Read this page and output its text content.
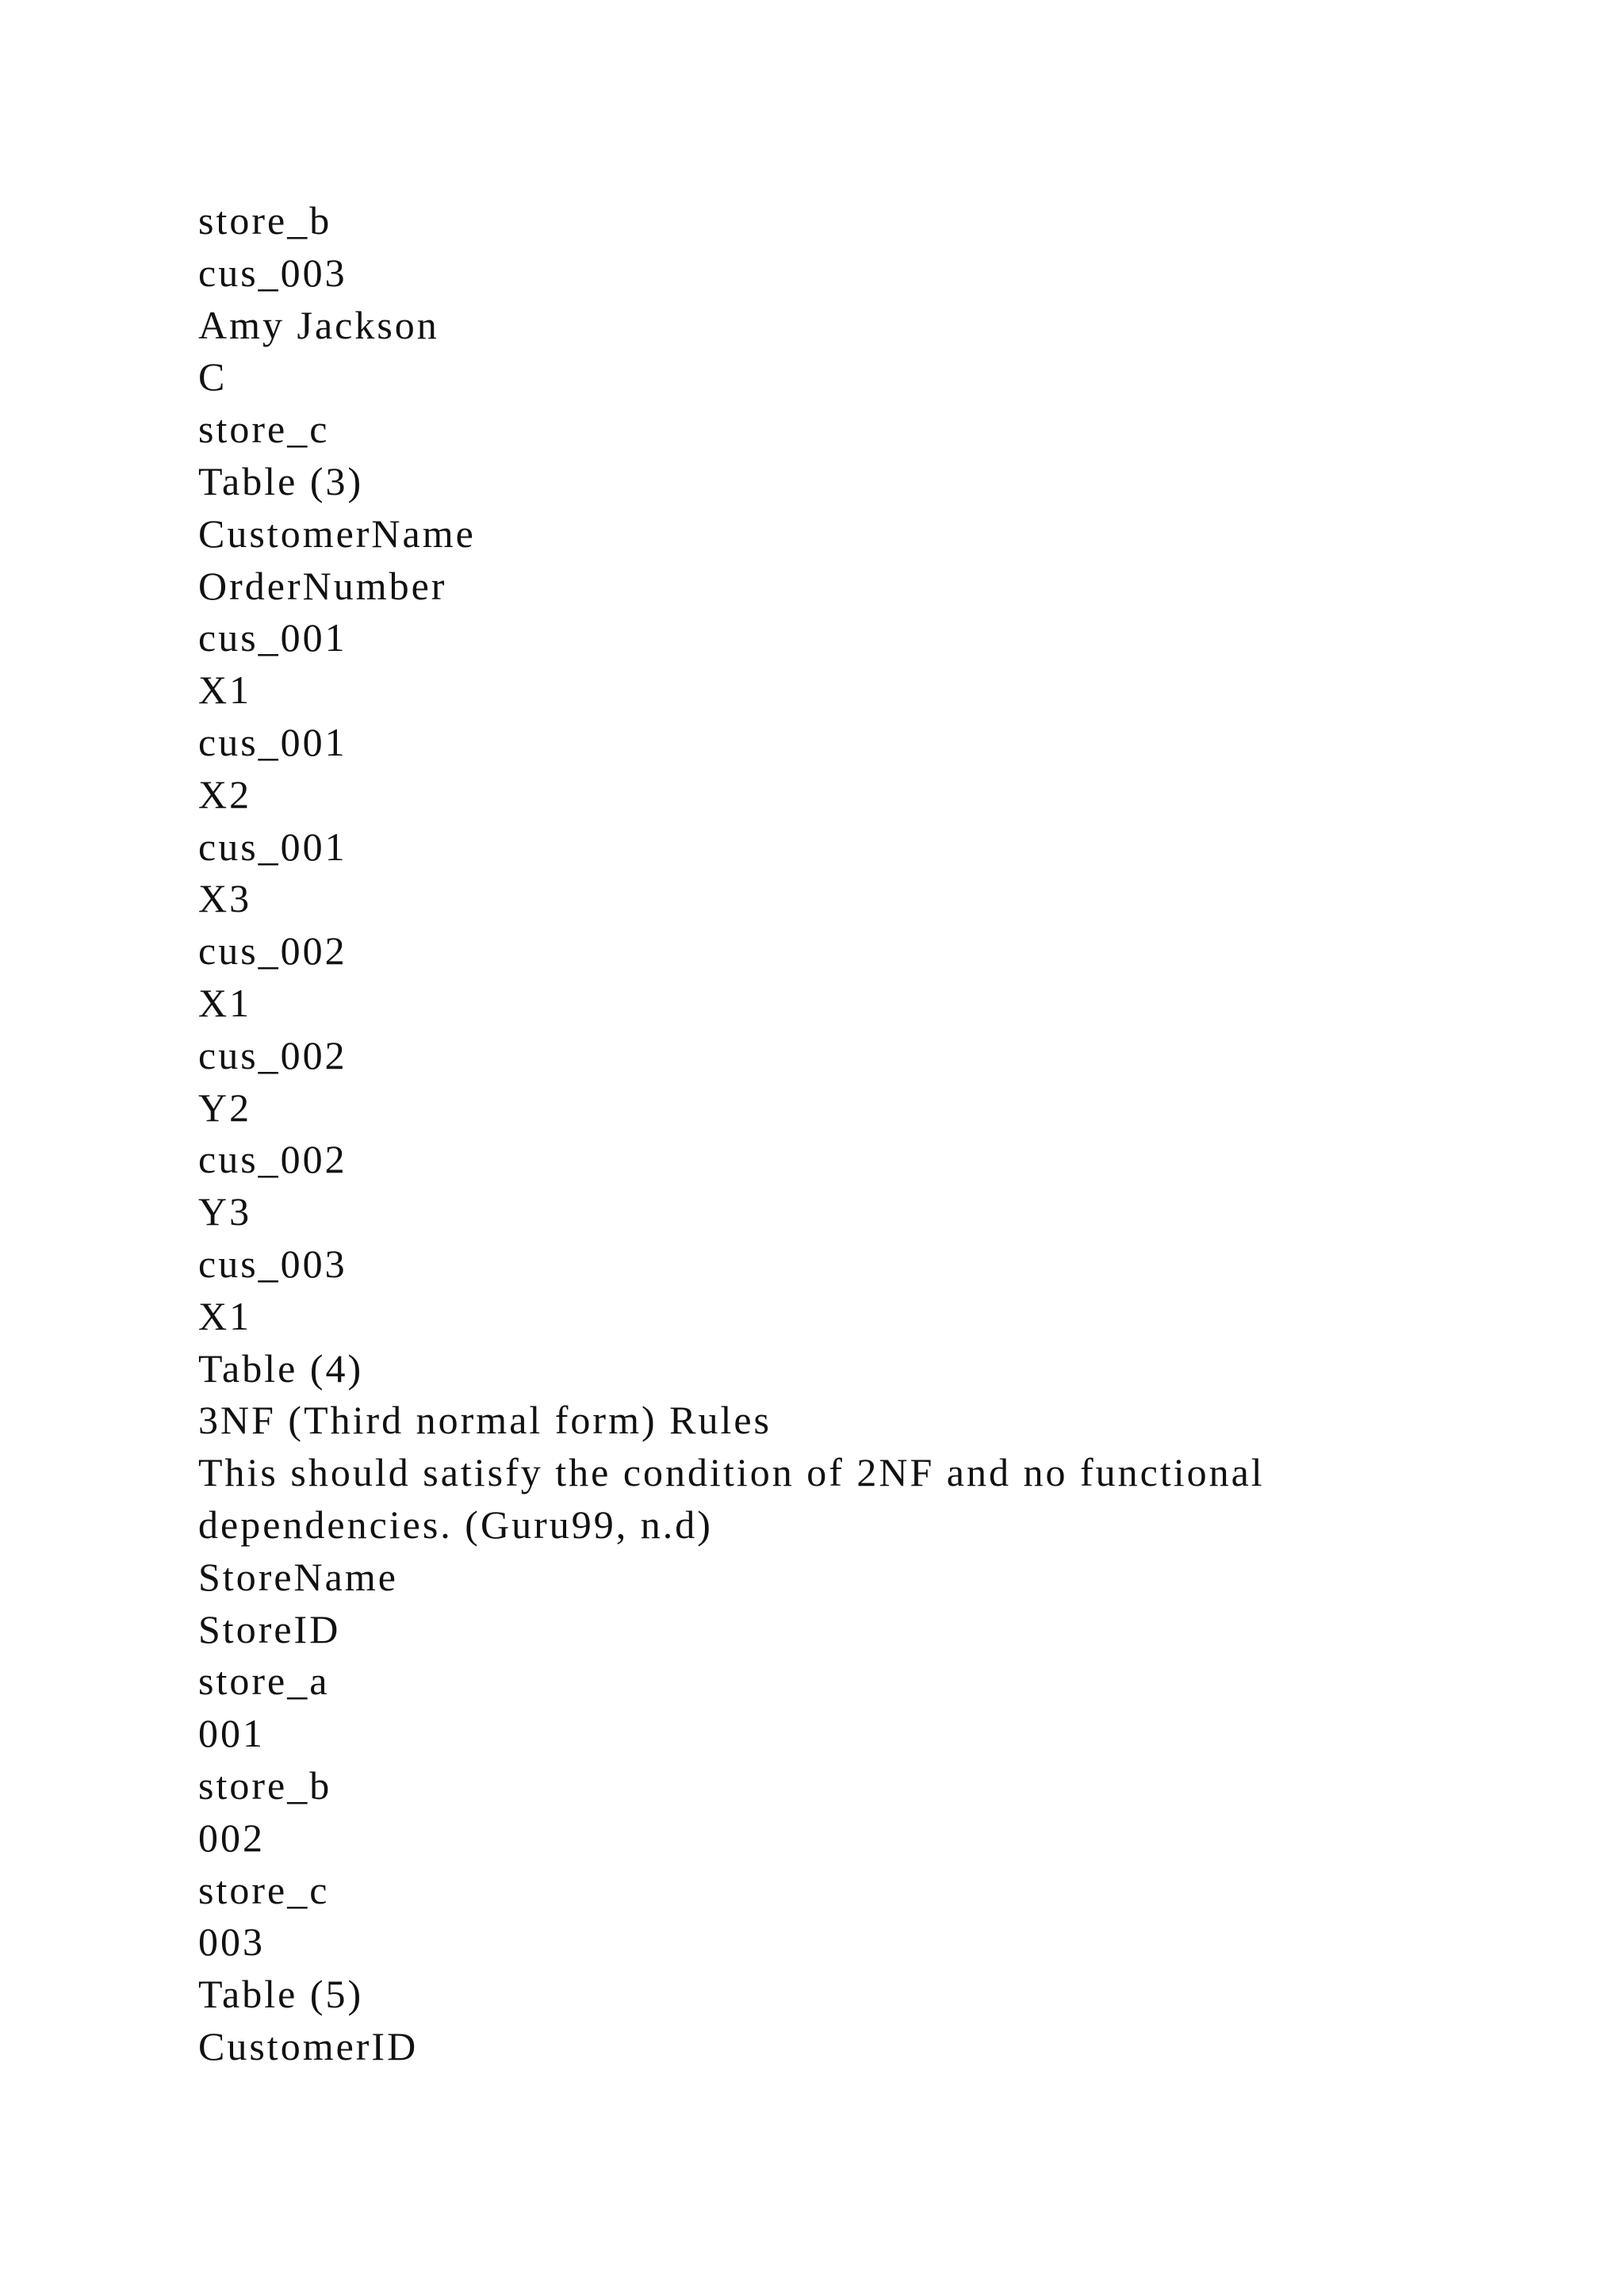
store_b
cus_003
Amy Jackson
C
store_c
Table (3)
CustomerName
OrderNumber
cus_001
X1
cus_001
X2
cus_001
X3
cus_002
X1
cus_002
Y2
cus_002
Y3
cus_003
X1
Table (4)
3NF (Third normal form) Rules
This should satisfy the condition of 2NF and no functional
dependencies. (Guru99, n.d)
StoreName
StoreID
store_a
001
store_b
002
store_c
003
Table (5)
CustomerID
